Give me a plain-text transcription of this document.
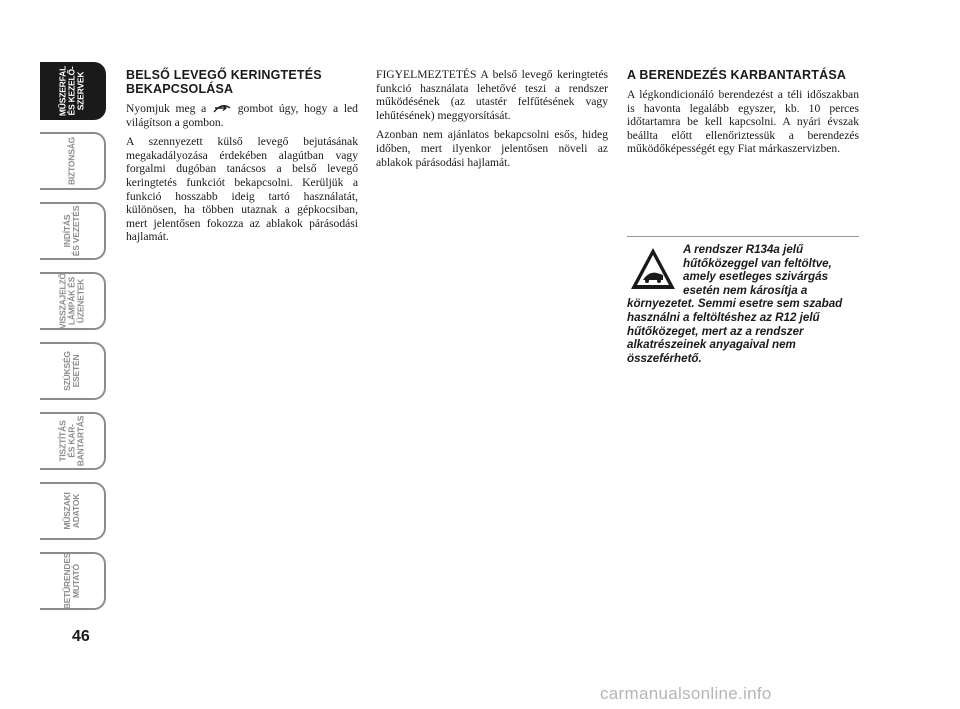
MŰSZERFAL
ÉS KEZELŐ-
SZERVEK
BIZTONSÁG
INDÍTÁS
ÉS VEZETÉS
VISSZAJELZŐ
LÁMPÁK ÉS
ÜZENETEK
SZÜKSÉG
ESETÉN
TISZTÍTÁS
ÉS KAR-
BANTARTÁS
MŰSZAKI
ADATOK
BETŰRENDES
MUTATÓ
46
BELSŐ LEVEGŐ KERINGTETÉS BEKAPCSOLÁSA

Nyomjuk meg a	gombot úgy, hogy a led világítson a gombon.

A szennyezett külső levegő bejutásának megakadályozása érdekében alagútban vagy forgalmi dugóban tanácsos a belső levegő keringtetés funkciót bekapcsolni. Kerüljük a funkció hosszabb ideig tartó használatát, különösen, ha többen utaznak a gépkocsiban, mert jelentősen fokozza az ablakok párásodási hajlamát.

FIGYELMEZTETÉS A belső levegő keringtetés funkció használata lehetővé teszi a rendszer működésének (az utastér felfűtésének vagy lehűtésének) meggyorsítását.

Azonban nem ajánlatos bekapcsolni esős, hideg időben, mert ilyenkor jelentősen növeli az ablakok párásodási hajlamát.

A BERENDEZÉS KARBANTARTÁSA

A légkondicionáló berendezést a téli időszakban is havonta legalább egyszer, kb. 10 perces időtartamra be kell kapcsolni. A nyári évszak beállta előtt ellenőriztessük a berendezés működőképességét egy Fiat márkaszervizben.

A rendszer R134a jelű hűtőközeggel van feltöltve, amely esetleges szivárgás esetén nem károsítja a környezetet. Semmi esetre sem szabad használni a feltöltéshez az R12 jelű hűtőközeget, mert az a rendszer alkatrészeinek anyagaival nem összeférhető.
carmanualsonline.info
